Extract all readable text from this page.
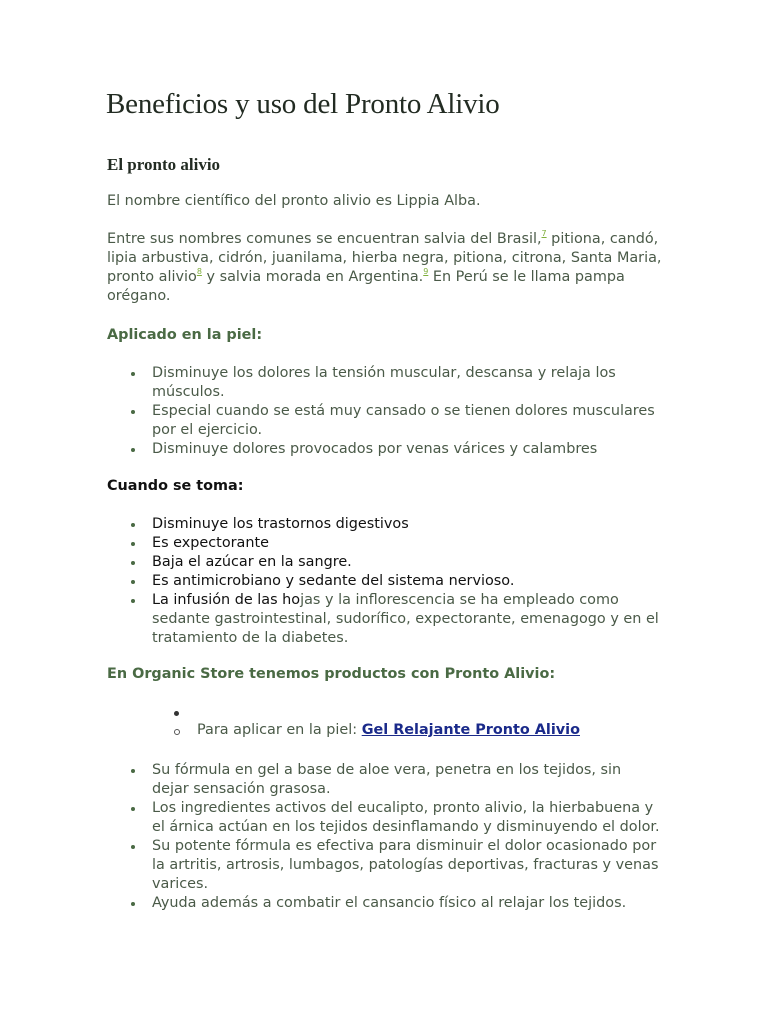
Beneficios y uso del Pronto Alivio
El pronto alivio

El nombre científico del pronto alivio es Lippia Alba.

Entre sus nombres comunes se encuentran salvia del Brasil,$^7$ pitiona, candó, lipia arbustiva, cidrón, juanilama, hierba negra, pitiona, citrona, Santa Maria, pronto alivio$^8$ y salvia morada en Argentina.$^9$ En Perú se le llama pampa orégano.

Aplicado en la piel:
Disminuye los dolores la tensión muscular, descansa y relaja los músculos.
Especial cuando se está muy cansado o se tienen dolores musculares por el ejercicio.
Disminuye dolores provocados por venas várices y calambres
Cuando se toma:
Disminuye los trastornos digestivos
Es expectorante
Baja el azúcar en la sangre.
Es antimicrobiano y sedante del sistema nervioso.
La infusión de las hojas y la inflorescencia se ha empleado como sedante gastrointestinal, sudorífico, expectorante, emenagogo y en el tratamiento de la diabetes.
En Organic Store tenemos productos con Pronto Alivio:

Para aplicar en la piel: Gel Relajante Pronto Alivio

Su fórmula en gel a base de aloe vera, penetra en los tejidos, sin dejar sensación grasosa.
Los ingredientes activos del eucalipto, pronto alivio, la hierbabuena y el árnica actúan en los tejidos desinflamando y disminuyendo el dolor.
Su potente fórmula es efectiva para disminuir el dolor ocasionado por la artritis, artrosis, lumbagos, patologías deportivas, fracturas y venas varices.
Ayuda además a combatir el cansancio físico al relajar los tejidos.
